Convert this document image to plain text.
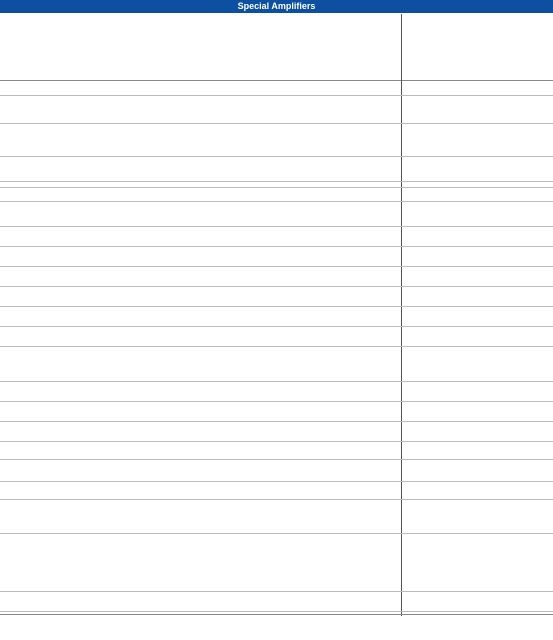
Special Amplifiers
